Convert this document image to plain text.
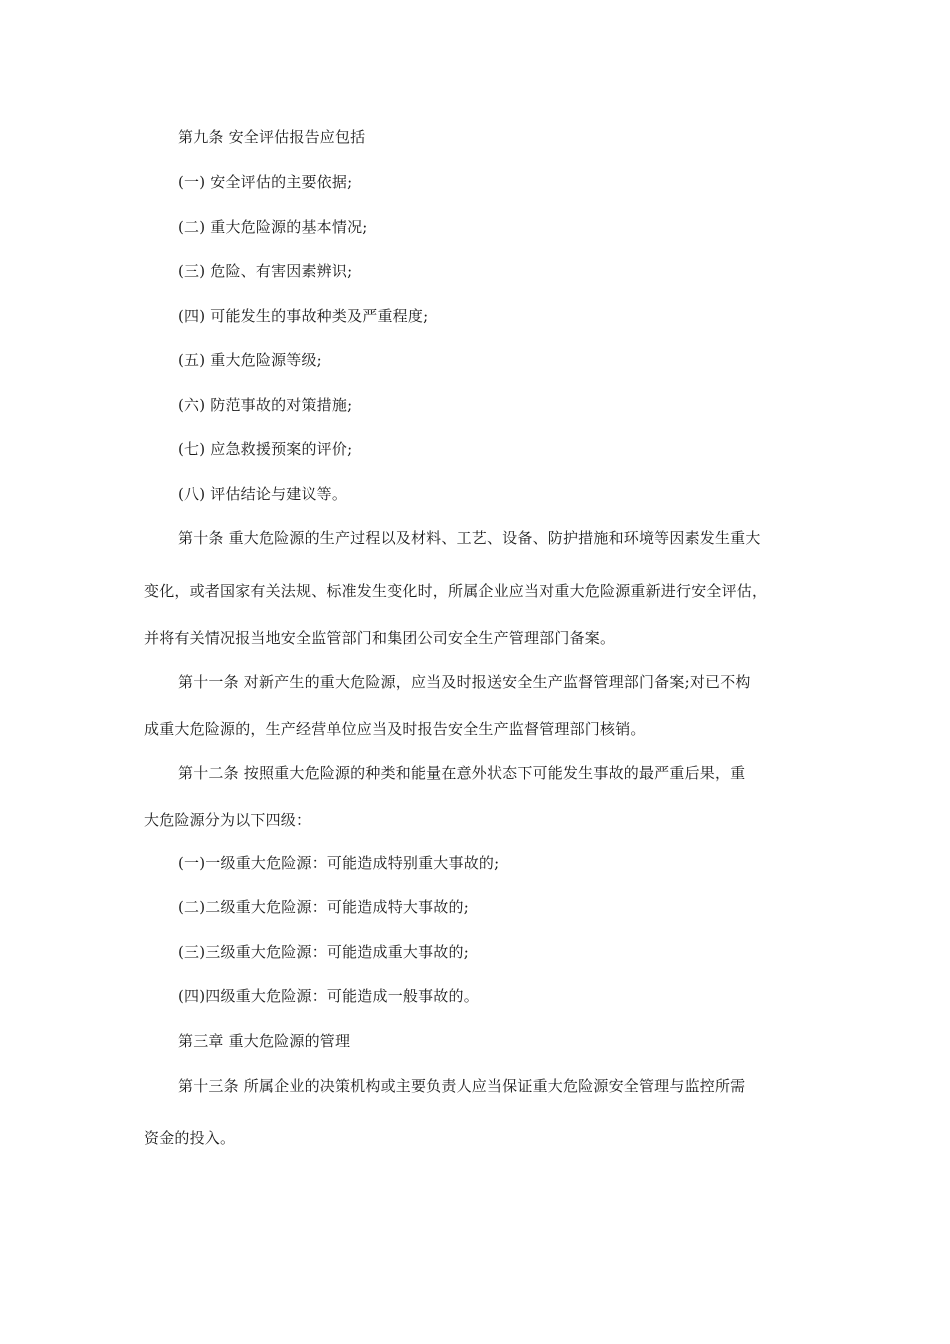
第九条 安全评估报告应包括
(一) 安全评估的主要依据;
(二) 重大危险源的基本情况;
(三) 危险、有害因素辨识;
(四) 可能发生的事故种类及严重程度;
(五) 重大危险源等级;
(六) 防范事故的对策措施;
(七) 应急救援预案的评价;
(八) 评估结论与建议等。
第十条 重大危险源的生产过程以及材料、工艺、设备、防护措施和环境等因素发生重大
变化，或者国家有关法规、标准发生变化时，所属企业应当对重大危险源重新进行安全评估，
并将有关情况报当地安全监管部门和集团公司安全生产管理部门备案。
第十一条 对新产生的重大危险源，应当及时报送安全生产监督管理部门备案;对已不构
成重大危险源的，生产经营单位应当及时报告安全生产监督管理部门核销。
第十二条 按照重大危险源的种类和能量在意外状态下可能发生事故的最严重后果，重
大危险源分为以下四级：
(一)一级重大危险源：可能造成特别重大事故的;
(二)二级重大危险源：可能造成特大事故的;
(三)三级重大危险源：可能造成重大事故的;
(四)四级重大危险源：可能造成一般事故的。
第三章 重大危险源的管理
第十三条 所属企业的决策机构或主要负责人应当保证重大危险源安全管理与监控所需
资金的投入。
